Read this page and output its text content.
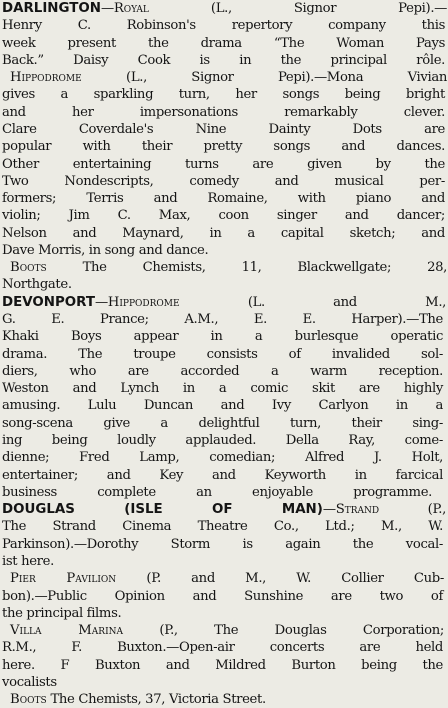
DARLINGTON—Royal (L., Signor Pepi).—
Henry C. Robinson's repertory company this
week present the drama “The Woman Pays
Back.” Daisy Cook is in the principal rôle.
Hippodrome (L., Signor Pepi).—Mona Vivian
gives a sparkling turn, her songs being bright
and her impersonations remarkably clever.
Clare Coverdale's Nine Dainty Dots are
popular with their pretty songs and dances.
Other entertaining turns are given by the
Two Nondescripts, comedy and musical per-
formers; Terris and Romaine, with piano and
violin; Jim C. Max, coon singer and dancer;
Nelson and Maynard, in a capital sketch; and
Dave Morris, in song and dance.
Boots The Chemists, 11, Blackwellgate; 28,
Northgate.
DEVONPORT—Hippodrome (L. and M.,
G. E. Prance; A.M., E. E. Harper).—The
Khaki Boys appear in a burlesque operatic
drama. The troupe consists of invalided sol-
diers, who are accorded a warm reception.
Weston and Lynch in a comic skit are highly
amusing. Lulu Duncan and Ivy Carlyon in a
song-scena give a delightful turn, their sing-
ing being loudly applauded. Della Ray, come-
dienne; Fred Lamp, comedian; Alfred J. Holt,
entertainer; and Key and Keyworth in farcical
business complete an enjoyable programme.
DOUGLAS (ISLE OF MAN)—Strand (P.,
The Strand Cinema Theatre Co., Ltd.; M., W.
Parkinson).—Dorothy Storm is again the vocal-
ist here.
Pier Pavilion (P. and M., W. Collier Cub-
bon).—Public Opinion and Sunshine are two of
the principal films.
Villa Marina (P., The Douglas Corporation;
R.M., F. Buxton.—Open-air concerts are held
here. F Buxton and Mildred Burton being the
vocalists
Boots The Chemists, 37, Victoria Street.
